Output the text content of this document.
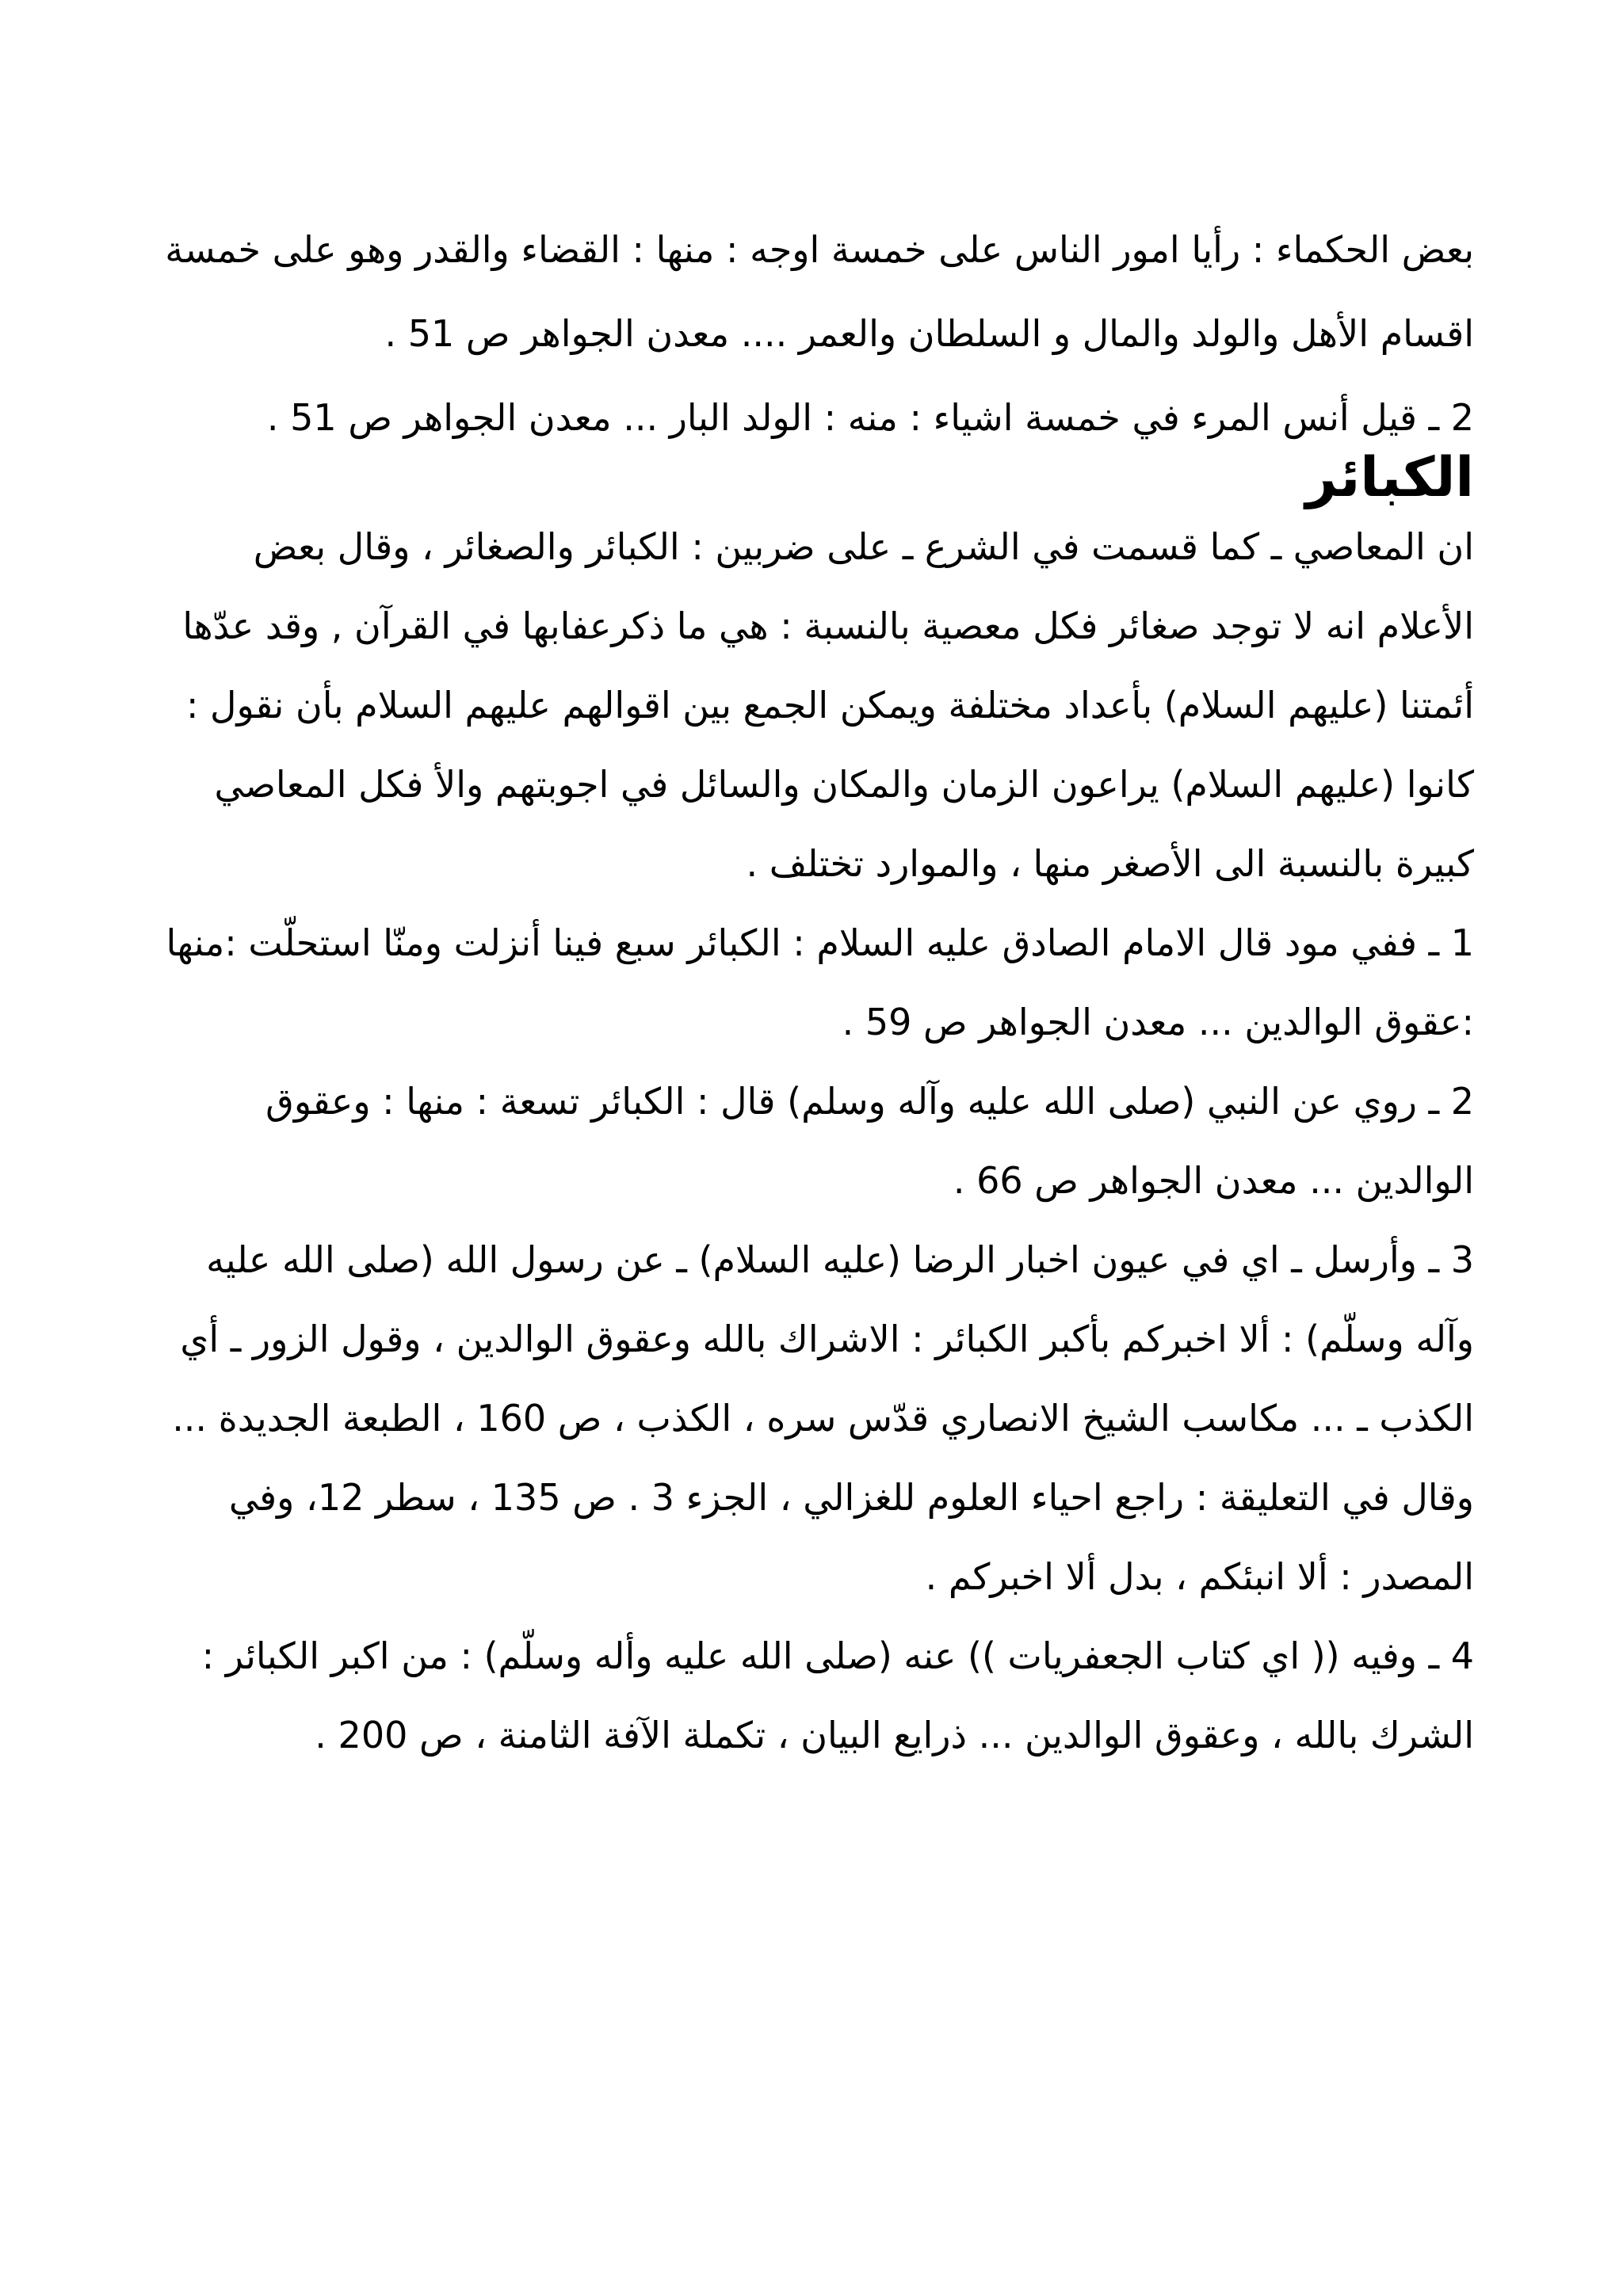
بعض الحكماء : رأيا امور الناس على خمسة اوجه : منها : القضاء والقدر وهو على خمسة اقسام الأهل والولد والمال و السلطان والعمر .... معدن الجواهر ص 51 .

2 ـ قيل أنس المرء في خمسة اشياء : منه : الولد البار ... معدن الجواهر ص 51 .

الكبائر

ان المعاصي ـ كما قسمت في الشرع ـ على ضربين : الكبائر والصغائر ، وقال بعض الأعلام انه لا توجد صغائر فكل معصية بالنسبة : هي ما ذكرعفابها في القرآن , وقد عدّها أئمتنا (عليهم السلام) بأعداد مختلفة ويمكن الجمع بين اقوالهم عليهم السلام بأن نقول : كانوا (عليهم السلام) يراعون الزمان والمكان والسائل في اجوبتهم والأ فكل المعاصي كبيرة بالنسبة الى الأصغر منها ، والموارد تختلف .

1 ـ ففي مود قال الامام الصادق عليه السلام : الكبائر سبع فينا أنزلت ومنّا استحلّت :منها :عقوق الوالدين ... معدن الجواهر ص 59 .

2 ـ روي عن النبي (صلى الله عليه وآله وسلم) قال : الكبائر تسعة : منها : وعقوق الوالدين ... معدن الجواهر ص 66 .

3 ـ وأرسل ـ اي في عيون اخبار الرضا (عليه السلام) ـ عن رسول الله (صلى الله عليه وآله وسلّم) : ألا اخبركم بأكبر الكبائر : الاشراك بالله وعقوق الوالدين ، وقول الزور ـ أي الكذب ـ ... مكاسب الشيخ الانصاري قدّس سره ، الكذب ، ص 160 ، الطبعة الجديدة ... وقال في التعليقة : راجع احياء العلوم للغزالي ، الجزء 3 . ص 135 ، سطر 12، وفي المصدر : ألا انبئكم ، بدل ألا اخبركم .

4 ـ وفيه (( اي كتاب الجعفريات )) عنه (صلى الله عليه وأله وسلّم) : من اكبر الكبائر : الشرك بالله ، وعقوق الوالدين ... ذرايع البيان ، تكملة الآفة الثامنة ، ص 200 .
